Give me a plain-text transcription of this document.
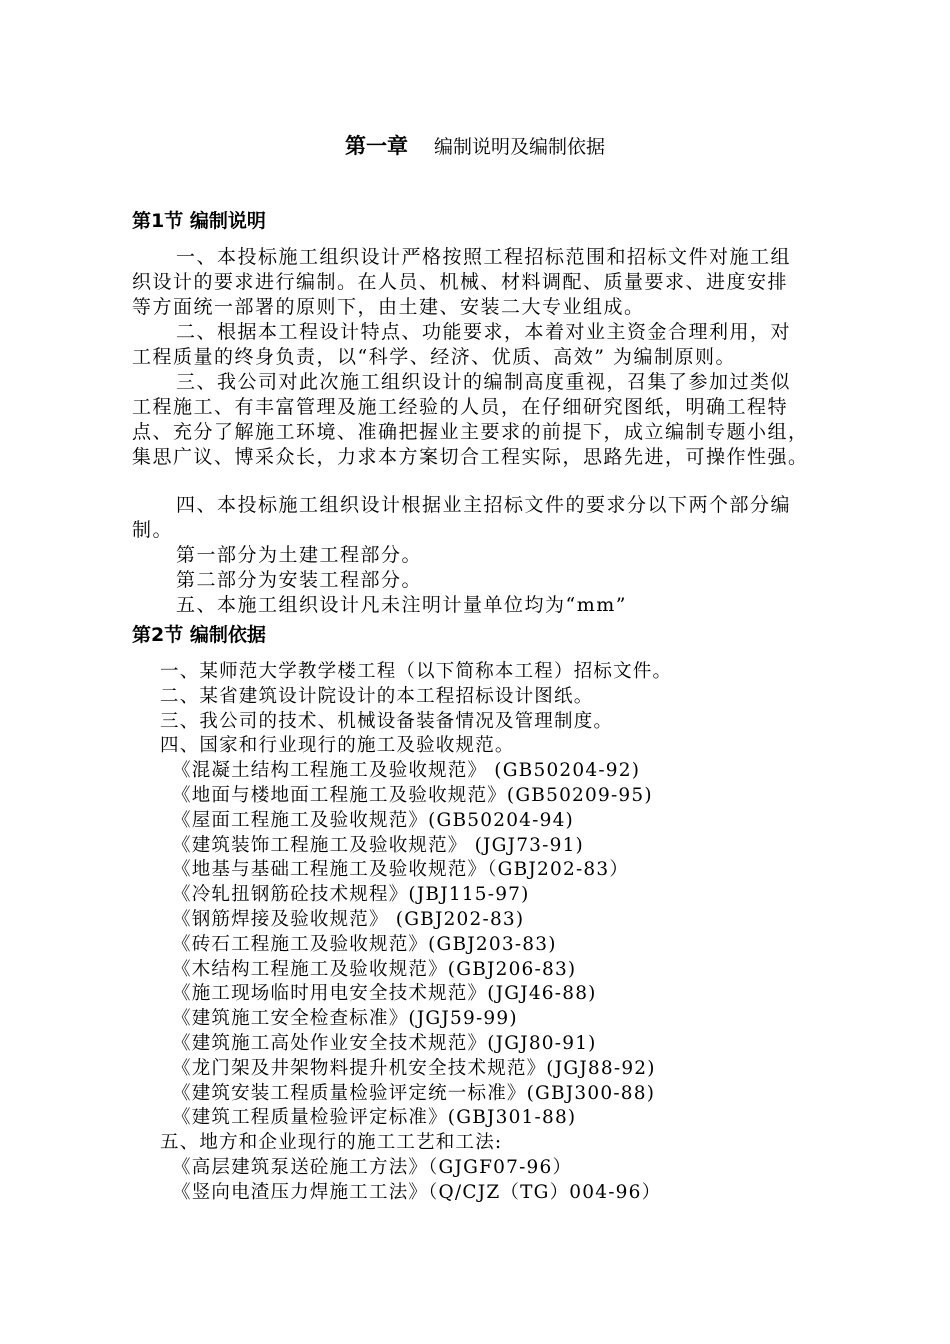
第一章 编制说明及编制依据
第1节 编制说明
一、本投标施工组织设计严格按照工程招标范围和招标文件对施工组
织设计的要求进行编制。在人员、机械、材料调配、质量要求、进度安排
等方面统一部署的原则下，由土建、安装二大专业组成。
二、根据本工程设计特点、功能要求，本着对业主资金合理利用，对
工程质量的终身负责，以“科学、经济、优质、高效” 为编制原则。
三、我公司对此次施工组织设计的编制高度重视，召集了参加过类似
工程施工、有丰富管理及施工经验的人员，在仔细研究图纸，明确工程特
点、充分了解施工环境、准确把握业主要求的前提下，成立编制专题小组，
集思广议、博采众长，力求本方案切合工程实际，思路先进，可操作性强。
四、本投标施工组织设计根据业主招标文件的要求分以下两个部分编
制。
第一部分为土建工程部分。
第二部分为安装工程部分。
五、本施工组织设计凡未注明计量单位均为“mm”
第2节 编制依据
一、某师范大学教学楼工程（以下简称本工程）招标文件。
二、某省建筑设计院设计的本工程招标设计图纸。
三、我公司的技术、机械设备装备情况及管理制度。
四、国家和行业现行的施工及验收规范。
《混凝土结构工程施工及验收规范》 (GB50204-92)
《地面与楼地面工程施工及验收规范》(GB50209-95)
《屋面工程施工及验收规范》(GB50204-94)
《建筑装饰工程施工及验收规范》 (JGJ73-91)
《地基与基础工程施工及验收规范》（GBJ202-83）
《冷轧扭钢筋砼技术规程》(JBJ115-97)
《钢筋焊接及验收规范》 (GBJ202-83)
《砖石工程施工及验收规范》(GBJ203-83)
《木结构工程施工及验收规范》(GBJ206-83)
《施工现场临时用电安全技术规范》(JGJ46-88)
《建筑施工安全检查标准》(JGJ59-99)
《建筑施工高处作业安全技术规范》(JGJ80-91)
《龙门架及井架物料提升机安全技术规范》(JGJ88-92)
《建筑安装工程质量检验评定统一标准》(GBJ300-88)
《建筑工程质量检验评定标准》(GBJ301-88)
五、地方和企业现行的施工工艺和工法:
《高层建筑泵送砼施工方法》（GJGF07-96）
《竖向电渣压力焊施工工法》（Q/CJZ（TG）004-96）
